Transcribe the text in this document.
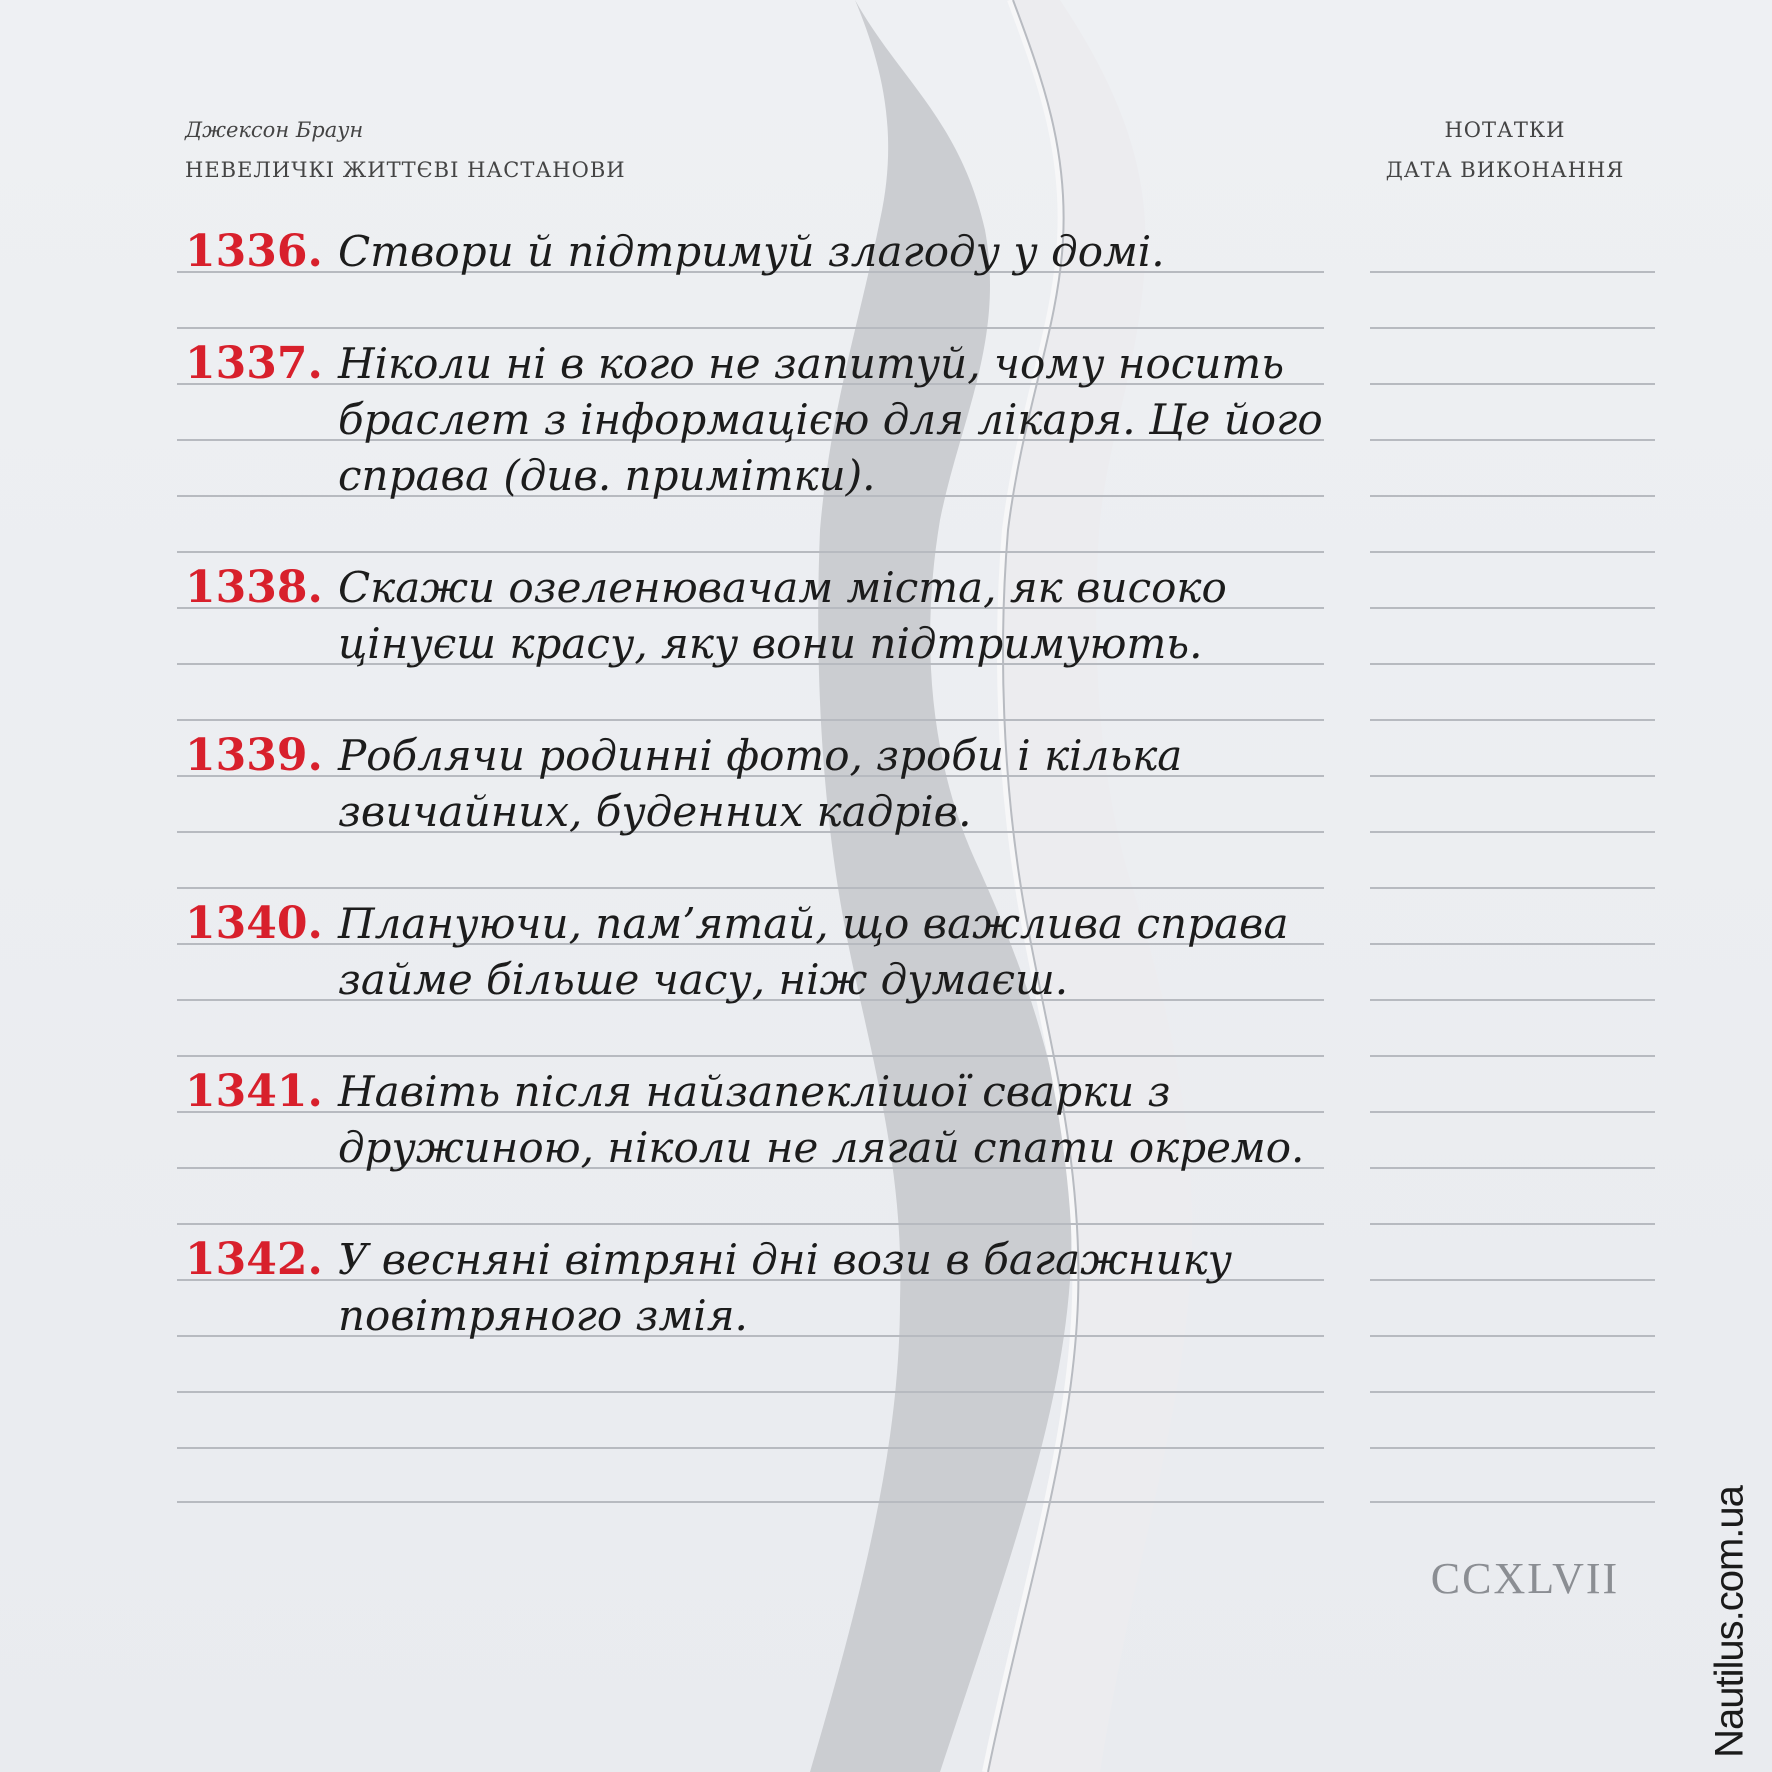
Джексон Браун
НЕВЕЛИЧКІ ЖИТТЄВІ НАСТАНОВИ
НОТАТКИ
ДАТА ВИКОНАННЯ
1336. Створи й підтримуй злагоду у домі.
1337. Ніколи ні в кого не запитуй, чому носить браслет з інформацією для лікаря. Це його справа (див. примітки).
1338. Скажи озеленювачам міста, як високо цінуєш красу, яку вони підтримують.
1339. Роблячи родинні фото, зроби і кілька звичайних, буденних кадрів.
1340. Плануючи, пам’ятай, що важлива справа займе більше часу, ніж думаєш.
1341. Навіть після найзапеклішої сварки з дружиною, ніколи не лягай спати окремо.
1342. У весняні вітряні дні вози в багажнику повітряного змія.
CCXLVII Nautilus.com.ua
